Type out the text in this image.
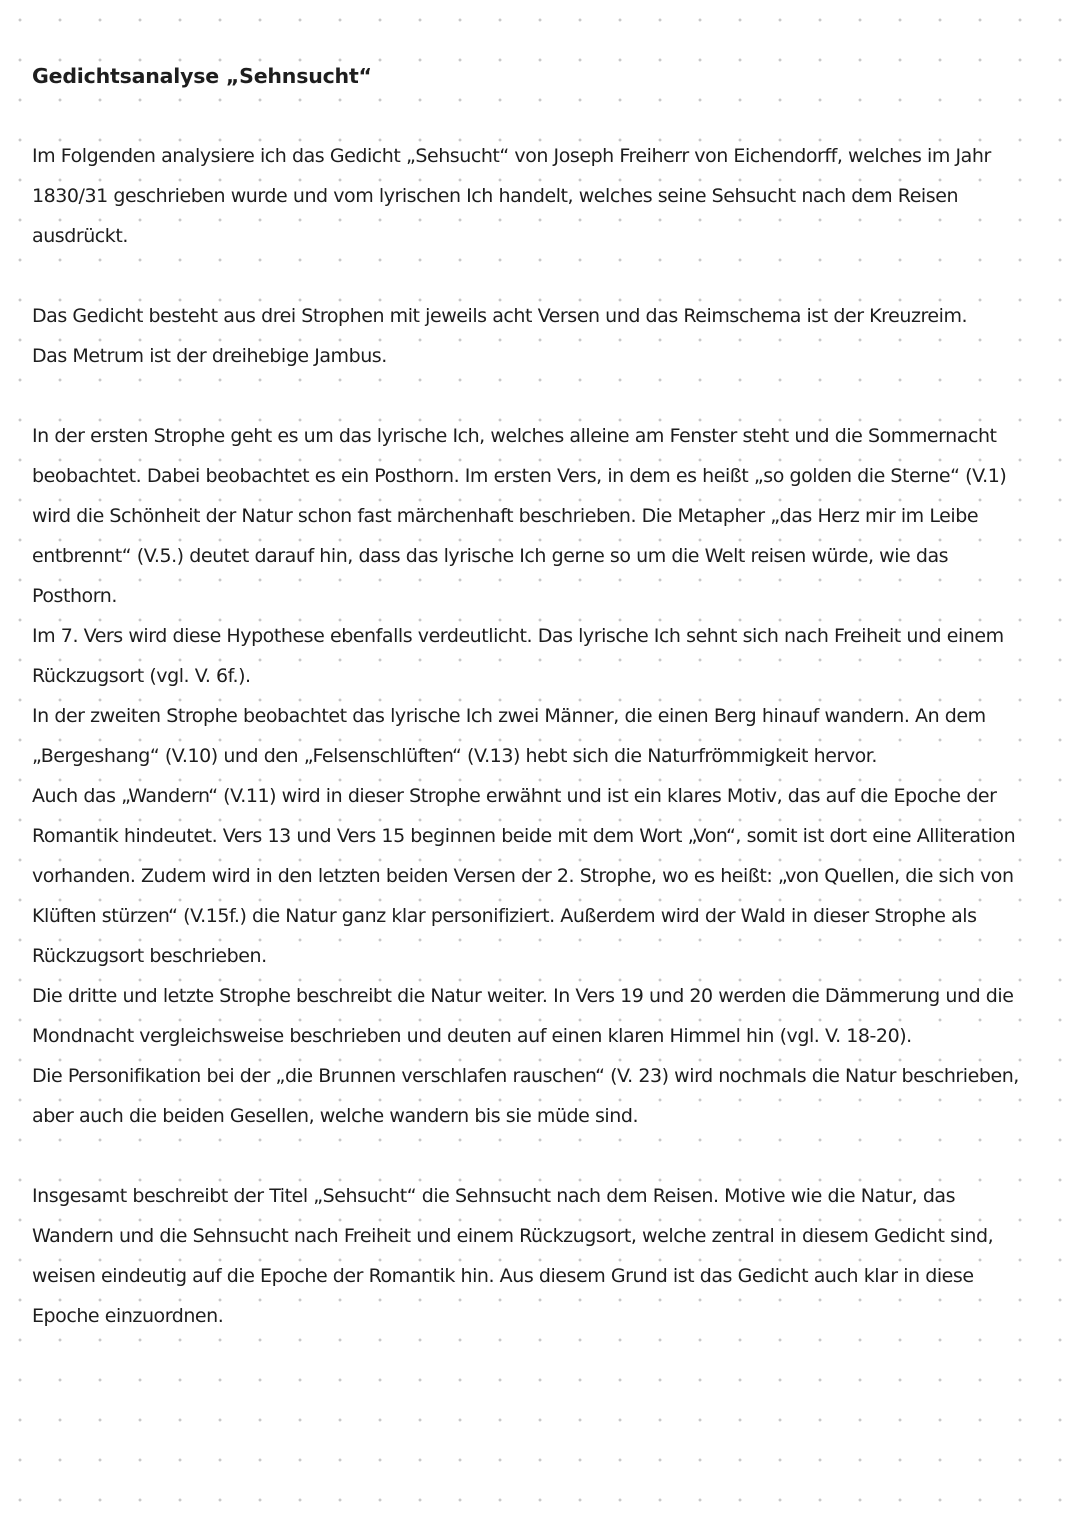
Gedichtsanalyse „Sehnsucht“
Im Folgenden analysiere ich das Gedicht „Sehsucht“ von Joseph Freiherr von Eichendorff, welches im Jahr
1830/31 geschrieben wurde und vom lyrischen Ich handelt, welches seine Sehsucht nach dem Reisen
ausdrückt.
Das Gedicht besteht aus drei Strophen mit jeweils acht Versen und das Reimschema ist der Kreuzreim.
Das Metrum ist der dreihebige Jambus.
In der ersten Strophe geht es um das lyrische Ich, welches alleine am Fenster steht und die Sommernacht
beobachtet. Dabei beobachtet es ein Posthorn. Im ersten Vers, in dem es heißt „so golden die Sterne“ (V.1)
wird die Schönheit der Natur schon fast märchenhaft beschrieben. Die Metapher „das Herz mir im Leibe
entbrennt“ (V.5.) deutet darauf hin, dass das lyrische Ich gerne so um die Welt reisen würde, wie das
Posthorn.
Im 7. Vers wird diese Hypothese ebenfalls verdeutlicht. Das lyrische Ich sehnt sich nach Freiheit und einem
Rückzugsort (vgl. V. 6f.).
In der zweiten Strophe beobachtet das lyrische Ich zwei Männer, die einen Berg hinauf wandern. An dem
„Bergeshang“ (V.10) und den „Felsenschlüften“ (V.13) hebt sich die Naturfrömmigkeit hervor.
Auch das „Wandern“ (V.11) wird in dieser Strophe erwähnt und ist ein klares Motiv, das auf die Epoche der
Romantik hindeutet. Vers 13 und Vers 15 beginnen beide mit dem Wort „Von“, somit ist dort eine Alliteration
vorhanden. Zudem wird in den letzten beiden Versen der 2. Strophe, wo es heißt: „von Quellen, die sich von
Klüften stürzen“ (V.15f.) die Natur ganz klar personifiziert. Außerdem wird der Wald in dieser Strophe als
Rückzugsort beschrieben.
Die dritte und letzte Strophe beschreibt die Natur weiter. In Vers 19 und 20 werden die Dämmerung und die
Mondnacht vergleichsweise beschrieben und deuten auf einen klaren Himmel hin (vgl. V. 18-20).
Die Personifikation bei der „die Brunnen verschlafen rauschen“ (V. 23) wird nochmals die Natur beschrieben,
aber auch die beiden Gesellen, welche wandern bis sie müde sind.
Insgesamt beschreibt der Titel „Sehsucht“ die Sehnsucht nach dem Reisen. Motive wie die Natur, das
Wandern und die Sehnsucht nach Freiheit und einem Rückzugsort, welche zentral in diesem Gedicht sind,
weisen eindeutig auf die Epoche der Romantik hin. Aus diesem Grund ist das Gedicht auch klar in diese
Epoche einzuordnen.
